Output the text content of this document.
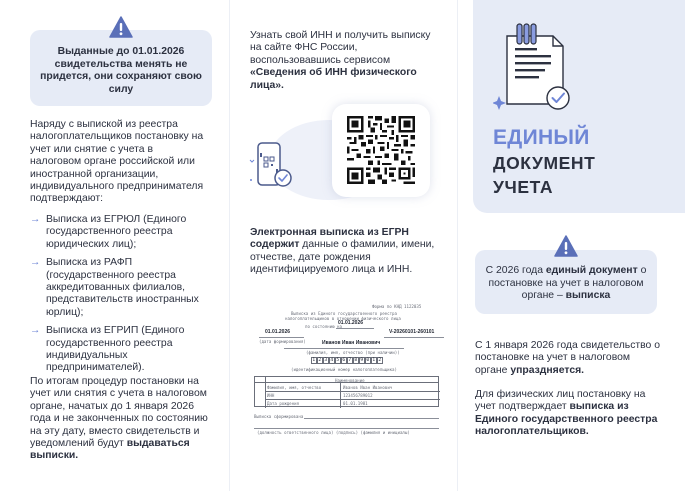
Выданные до 01.01.2026 свидетельства менять не придется, они сохраняют свою силу

Наряду с выпиской из реестра налогоплательщиков постановку на учет или снятие с учета в налоговом органе российской или иностранной организации, индивидуального предпринимателя подтверждают:

→ Выписка из ЕГРЮЛ (Единого государственного реестра юридических лиц);
→ Выписка из РАФП (государственного реестра аккредитованных филиалов, представительств иностранных юрлиц);
→ Выписка из ЕГРИП (Единого государственного реестра индивидуальных предпринимателей).

По итогам процедур постановки на учет или снятия с учета в налоговом органе, начатых до 1 января 2026 года и не законченных по состоянию на эту дату, вместо свидетельств и уведомлений будут выдаваться выписки.

Узнать свой ИНН и получить выписку на сайте ФНС России, воспользовавшись сервисом «Сведения об ИНН физического лица».

Электронная выписка из ЕГРН содержит данные о фамилии, имени, отчестве, дате рождения идентифицируемого лица и ИНН.

Форма по КНД 1122035
Выписка из Единого государственного реестра
налогоплательщиков в отношении физического лица
по состоянию на
01.01.2026
01.01.2026	V-20260101-260101
(дата формирования)	Иванов Иван Иванович
(фамилия, имя, отчество (при наличии))
1 2 3 4 5 6 7 8 9 0 1 2
(идентификационный номер налогоплательщика)
Наименование
Фамилия, имя, отчество	Иванов Иван Иванович
ИНН	123456789012
Дата рождения	01.01.1981
Выписка сформирована
(должность ответственного лица) (подпись) (фамилия и инициалы)
ЕДИНЫЙ
ДОКУМЕНТ
УЧЕТА
С 2026 года единый документ о постановке на учет в налоговом органе – выписка

С 1 января 2026 года свидетельство о постановке на учет в налоговом органе упраздняется.

Для физических лиц постановку на учет подтверждает выписка из Единого государственного реестра налогоплательщиков.
